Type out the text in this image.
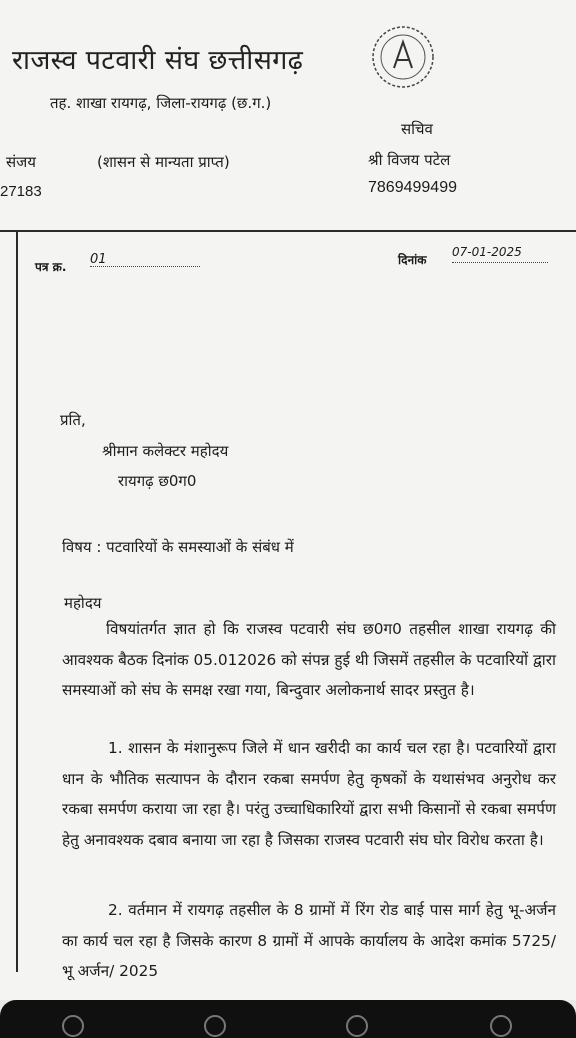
राजस्व पटवारी संघ छत्तीसगढ़
तह. शाखा रायगढ़, जिला-रायगढ़ (छ.ग.)
सचिव
संजय	(शासन से मान्यता प्राप्त)	श्री विजय पटेल
27183	7869499499
पत्र क्र. 01	दिनांक
07-01-2025
प्रति,
श्रीमान कलेक्टर महोदय
रायगढ़ छ0ग0
विषय : पटवारियों के समस्याओं के संबंध में
महोदय

विषयांतर्गत ज्ञात हो कि राजस्व पटवारी संघ छ0ग0 तहसील शाखा रायगढ़ की आवश्यक बैठक दिनांक 05.012026 को संपन्न हुई थी जिसमें तहसील के पटवारियों द्वारा समस्याओं को संघ के समक्ष रखा गया, बिन्दुवार अलोकनार्थ सादर प्रस्तुत है।

1. शासन के मंशानुरूप जिले में धान खरीदी का कार्य चल रहा है। पटवारियों द्वारा धान के भौतिक सत्यापन के दौरान रकबा समर्पण हेतु कृषकों के यथासंभव अनुरोध कर रकबा समर्पण कराया जा रहा है। परंतु उच्चाधिकारियों द्वारा सभी किसानों से रकबा समर्पण हेतु अनावश्यक दबाव बनाया जा रहा है जिसका राजस्व पटवारी संघ घोर विरोध करता है।

2. वर्तमान में रायगढ़ तहसील के 8 ग्रामों में रिंग रोड बाई पास मार्ग हेतु भू-अर्जन का कार्य चल रहा है जिसके कारण 8 ग्रामों में आपके कार्यालय के आदेश कमांक 5725/भू अर्जन/ 2025
